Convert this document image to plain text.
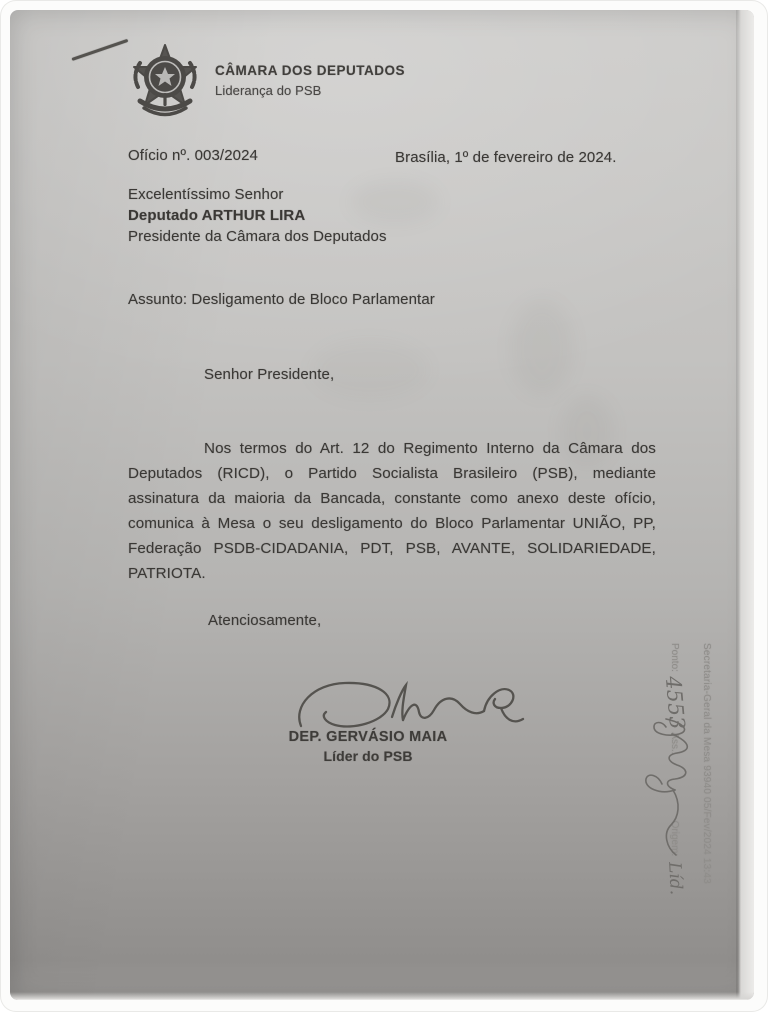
CÂMARA DOS DEPUTADOS
Liderança do PSB
Ofício nº. 003/2024	Brasília, 1º de fevereiro de 2024.
Excelentíssimo Senhor
Deputado ARTHUR LIRA
Presidente da Câmara dos Deputados
Assunto: Desligamento de Bloco Parlamentar
Senhor Presidente,
Nos termos do Art. 12 do Regimento Interno da Câmara dos Deputados (RICD), o Partido Socialista Brasileiro (PSB), mediante assinatura da maioria da Bancada, constante como anexo deste ofício, comunica à Mesa o seu desligamento do Bloco Parlamentar UNIÃO, PP, Federação PSDB-CIDADANIA, PDT, PSB, AVANTE, SOLIDARIEDADE, PATRIOTA.
Atenciosamente,
DEP. GERVÁSIO MAIA
Líder do PSB	Secretaria-Geral da Mesa 93940 05/Fev/2024 13:43
Ponto:
4553
Ass.:
Origem:
Líd.
